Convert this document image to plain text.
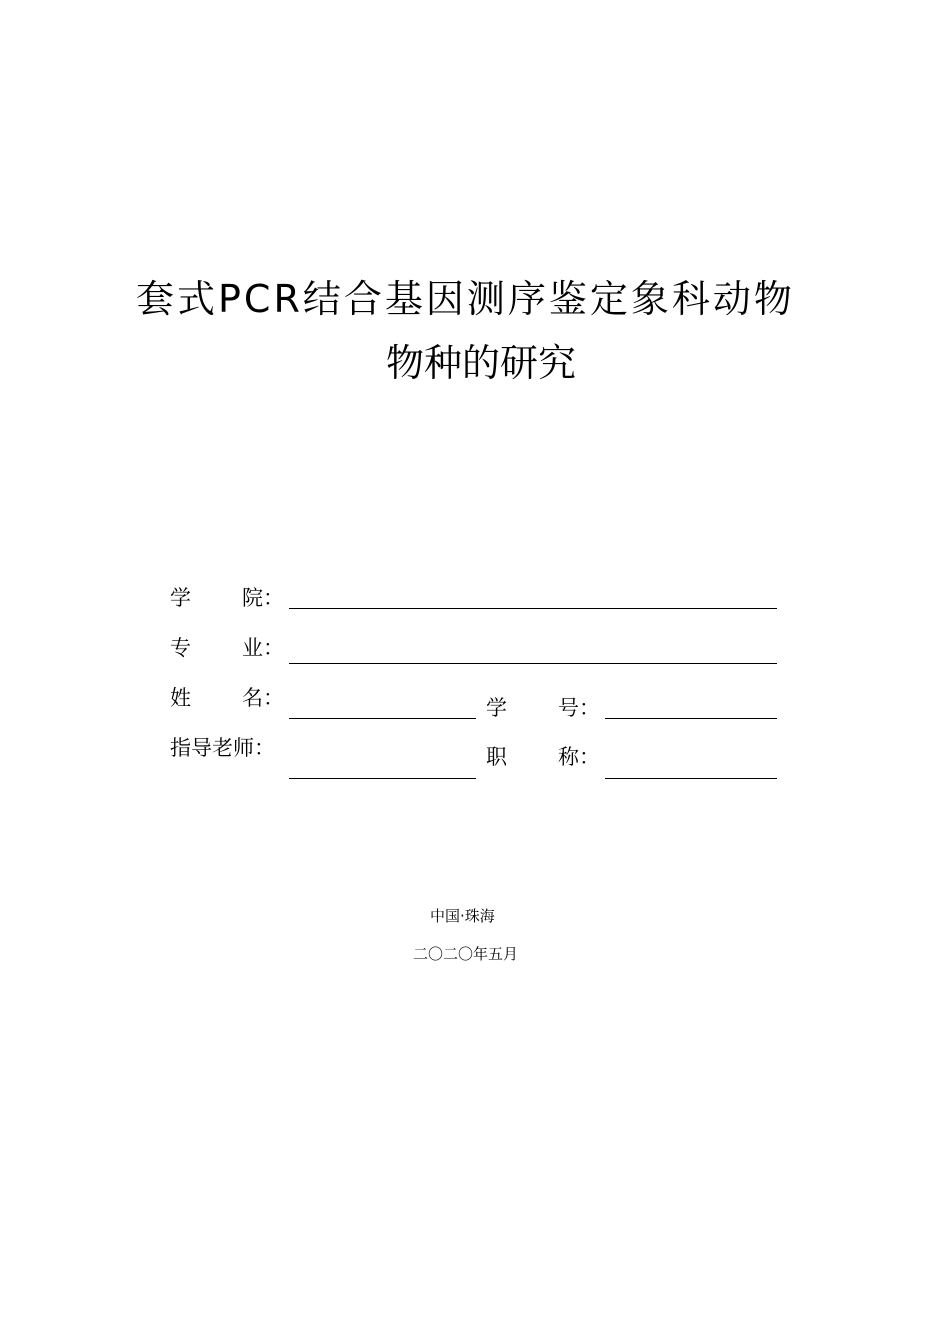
套式PCR结合基因测序鉴定象科动物
物种的研究
学 院：
专 业：
姓 名：	学 号：
指导老师：	职 称：
中国·珠海
二〇二〇年五月
